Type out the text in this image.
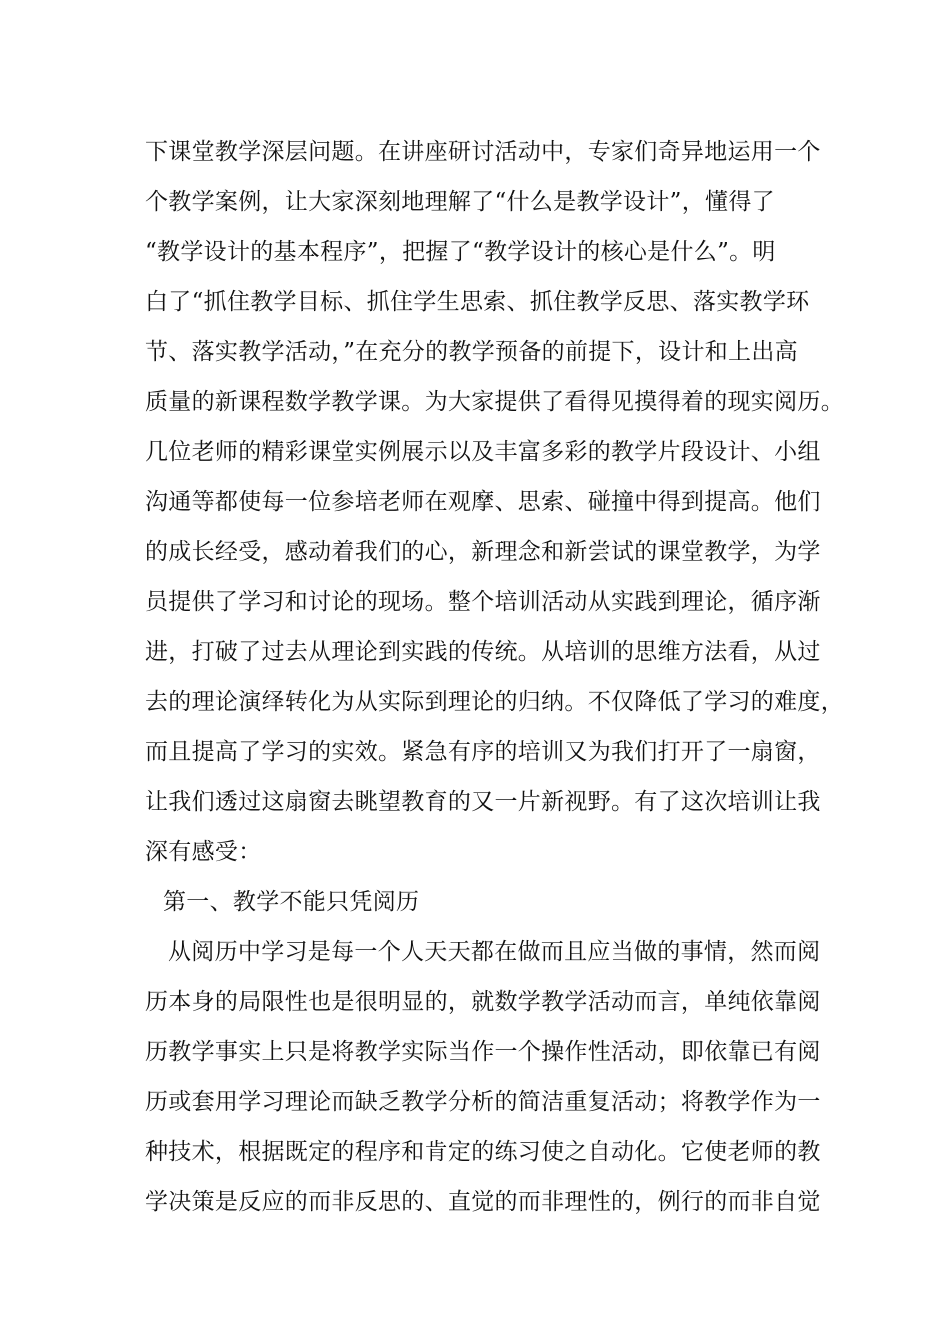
下课堂教学深层问题。在讲座研讨活动中，专家们奇异地运用一个
个教学案例，让大家深刻地理解了“什么是教学设计”，懂得了
“教学设计的基本程序”，把握了“教学设计的核心是什么”。明
白了“抓住教学目标、抓住学生思索、抓住教学反思、落实教学环
节、落实教学活动，”在充分的教学预备的前提下，设计和上出高
质量的新课程数学教学课。为大家提供了看得见摸得着的现实阅历。
几位老师的精彩课堂实例展示以及丰富多彩的教学片段设计、小组
沟通等都使每一位参培老师在观摩、思索、碰撞中得到提高。他们
的成长经受，感动着我们的心，新理念和新尝试的课堂教学，为学
员提供了学习和讨论的现场。整个培训活动从实践到理论，循序渐
进，打破了过去从理论到实践的传统。从培训的思维方法看，从过
去的理论演绎转化为从实际到理论的归纳。不仅降低了学习的难度，
而且提高了学习的实效。紧急有序的培训又为我们打开了一扇窗，
让我们透过这扇窗去眺望教育的又一片新视野。有了这次培训让我
深有感受：
第一、教学不能只凭阅历
从阅历中学习是每一个人天天都在做而且应当做的事情，然而阅
历本身的局限性也是很明显的，就数学教学活动而言，单纯依靠阅
历教学事实上只是将教学实际当作一个操作性活动，即依靠已有阅
历或套用学习理论而缺乏教学分析的简洁重复活动；将教学作为一
种技术，根据既定的程序和肯定的练习使之自动化。它使老师的教
学决策是反应的而非反思的、直觉的而非理性的，例行的而非自觉
